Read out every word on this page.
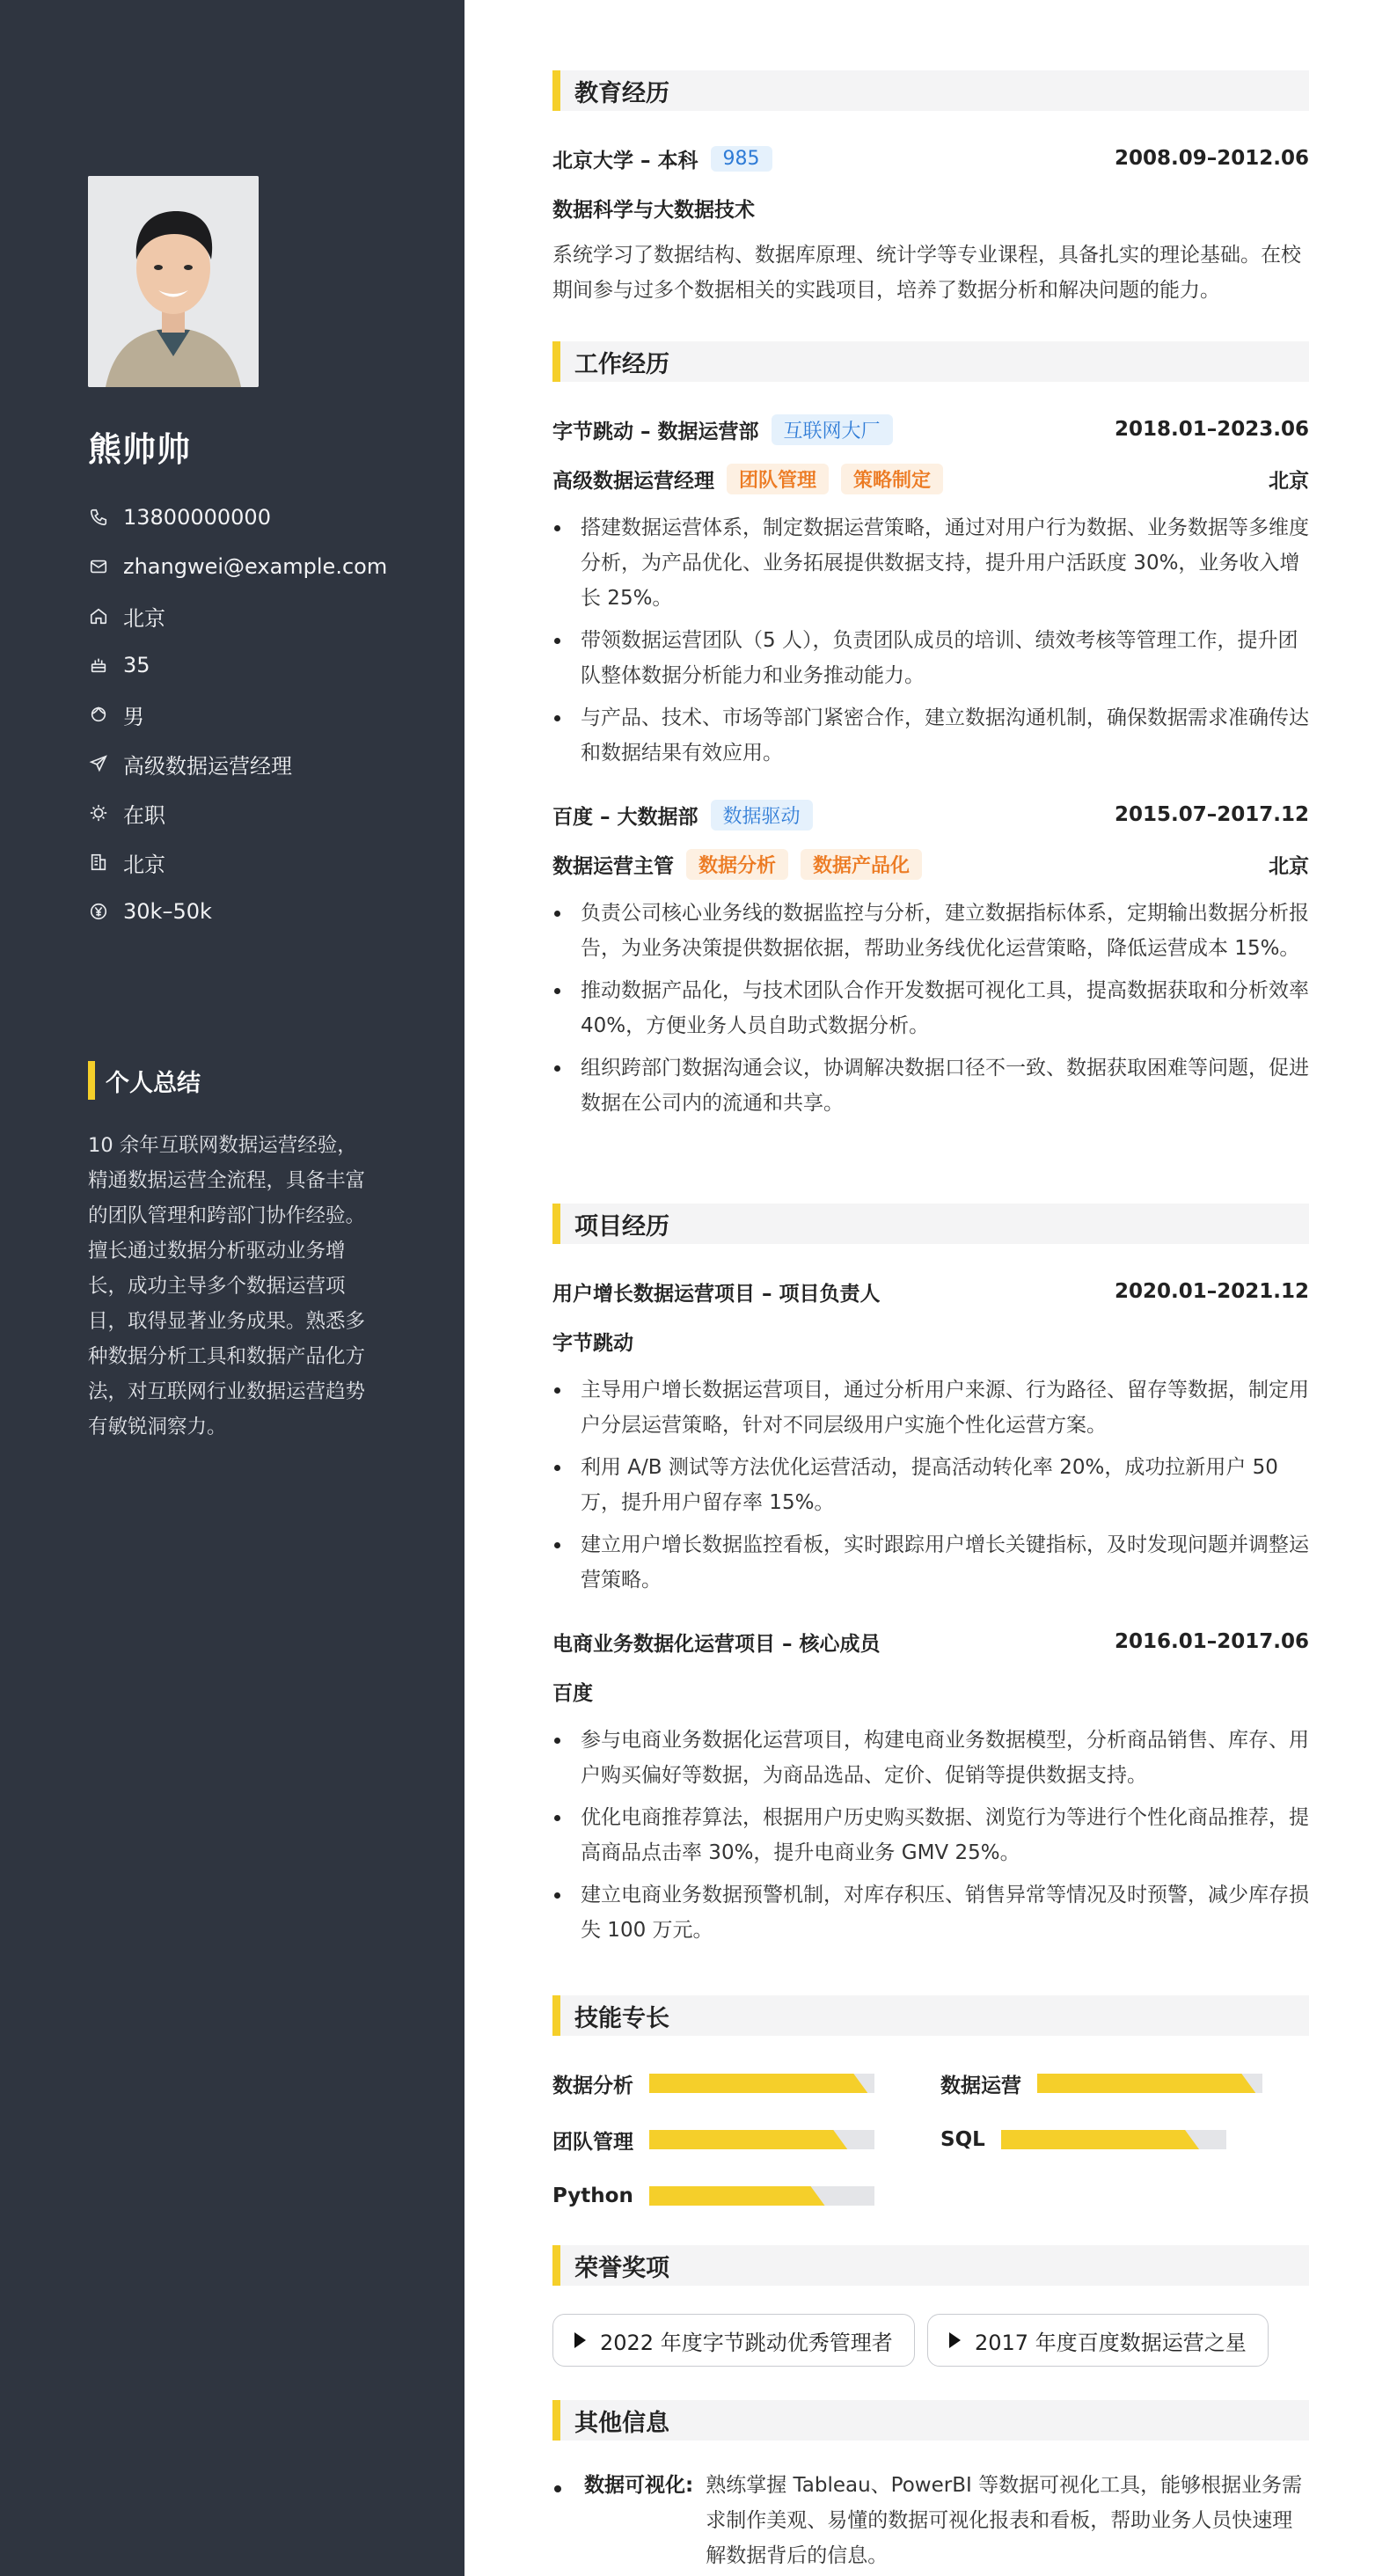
熊帅帅
13800000000
zhangwei@example.com
北京
35
男
高级数据运营经理
在职
北京
30k–50k
个人总结
10 余年互联网数据运营经验，精通数据运营全流程，具备丰富的团队管理和跨部门协作经验。擅长通过数据分析驱动业务增长，成功主导多个数据运营项目，取得显著业务成果。熟悉多种数据分析工具和数据产品化方法，对互联网行业数据运营趋势有敏锐洞察力。
教育经历
北京大学 – 本科	985	2008.09–2012.06
数据科学与大数据技术
系统学习了数据结构、数据库原理、统计学等专业课程，具备扎实的理论基础。在校期间参与过多个数据相关的实践项目，培养了数据分析和解决问题的能力。
工作经历
字节跳动 – 数据运营部	互联网大厂	2018.01–2023.06
高级数据运营经理	团队管理	策略制定	北京
搭建数据运营体系，制定数据运营策略，通过对用户行为数据、业务数据等多维度分析，为产品优化、业务拓展提供数据支持，提升用户活跃度 30%，业务收入增长 25%。
带领数据运营团队（5 人），负责团队成员的培训、绩效考核等管理工作，提升团队整体数据分析能力和业务推动能力。
与产品、技术、市场等部门紧密合作，建立数据沟通机制，确保数据需求准确传达和数据结果有效应用。
百度 – 大数据部	数据驱动	2015.07–2017.12
数据运营主管	数据分析	数据产品化	北京
负责公司核心业务线的数据监控与分析，建立数据指标体系，定期输出数据分析报告，为业务决策提供数据依据，帮助业务线优化运营策略，降低运营成本 15%。
推动数据产品化，与技术团队合作开发数据可视化工具，提高数据获取和分析效率 40%，方便业务人员自助式数据分析。
组织跨部门数据沟通会议，协调解决数据口径不一致、数据获取困难等问题，促进数据在公司内的流通和共享。
项目经历
用户增长数据运营项目 – 项目负责人	2020.01–2021.12
字节跳动
主导用户增长数据运营项目，通过分析用户来源、行为路径、留存等数据，制定用户分层运营策略，针对不同层级用户实施个性化运营方案。
利用 A/B 测试等方法优化运营活动，提高活动转化率 20%，成功拉新用户 50 万，提升用户留存率 15%。
建立用户增长数据监控看板，实时跟踪用户增长关键指标，及时发现问题并调整运营策略。
电商业务数据化运营项目 – 核心成员	2016.01–2017.06
百度
参与电商业务数据化运营项目，构建电商业务数据模型，分析商品销售、库存、用户购买偏好等数据，为商品选品、定价、促销等提供数据支持。
优化电商推荐算法，根据用户历史购买数据、浏览行为等进行个性化商品推荐，提高商品点击率 30%，提升电商业务 GMV 25%。
建立电商业务数据预警机制，对库存积压、销售异常等情况及时预警，减少库存损失 100 万元。
技能专长
数据分析	数据运营
团队管理	SQL
Python
荣誉奖项
2022 年度字节跳动优秀管理者	2017 年度百度数据运营之星
其他信息
数据可视化: 熟练掌握 Tableau、PowerBI 等数据可视化工具，能够根据业务需求制作美观、易懂的数据可视化报表和看板，帮助业务人员快速理解数据背后的信息。
